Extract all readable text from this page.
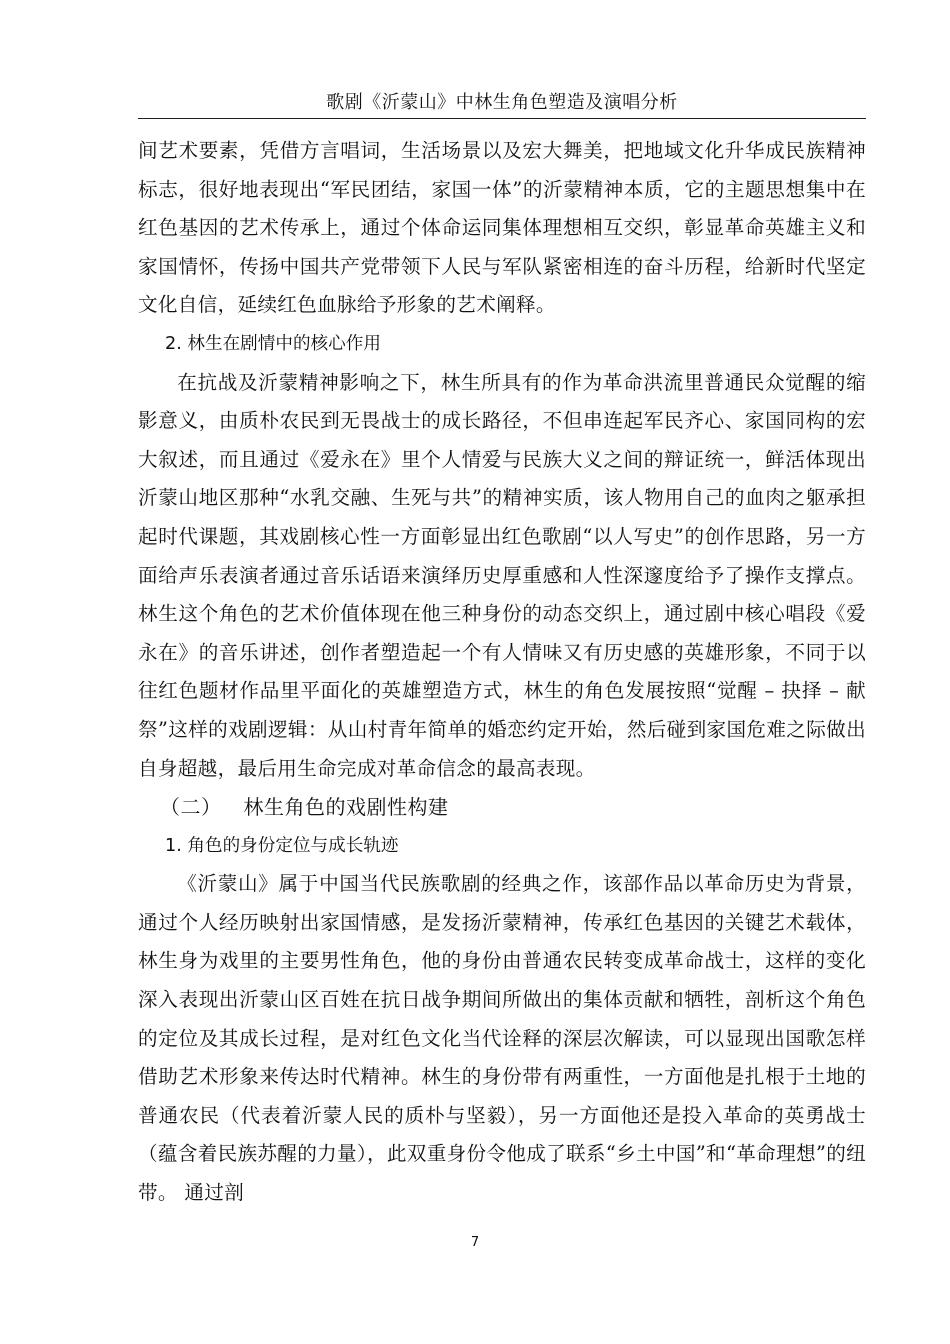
歌剧《沂蒙山》中林生角色塑造及演唱分析

间艺术要素，凭借方言唱词，生活场景以及宏大舞美，把地域文化升华成民族精神标志，很好地表现出“军民团结，家国一体”的沂蒙精神本质，它的主题思想集中在红色基因的艺术传承上，通过个体命运同集体理想相互交织，彰显革命英雄主义和家国情怀，传扬中国共产党带领下人民与军队紧密相连的奋斗历程，给新时代坚定文化自信，延续红色血脉给予形象的艺术阐释。

2. 林生在剧情中的核心作用

在抗战及沂蒙精神影响之下，林生所具有的作为革命洪流里普通民众觉醒的缩影意义，由质朴农民到无畏战士的成长路径，不但串连起军民齐心、家国同构的宏大叙述，而且通过《爱永在》里个人情爱与民族大义之间的辩证统一，鲜活体现出沂蒙山地区那种“水乳交融、生死与共”的精神实质，该人物用自己的血肉之躯承担起时代课题，其戏剧核心性一方面彰显出红色歌剧“以人写史”的创作思路，另一方面给声乐表演者通过音乐话语来演绎历史厚重感和人性深邃度给予了操作支撑点。林生这个角色的艺术价值体现在他三种身份的动态交织上，通过剧中核心唱段《爱永在》的音乐讲述，创作者塑造起一个有人情味又有历史感的英雄形象，不同于以往红色题材作品里平面化的英雄塑造方式，林生的角色发展按照“觉醒 – 抉择 – 献祭”这样的戏剧逻辑：从山村青年简单的婚恋约定开始，然后碰到家国危难之际做出自身超越，最后用生命完成对革命信念的最高表现。

（二） 林生角色的戏剧性构建

1. 角色的身份定位与成长轨迹

《沂蒙山》属于中国当代民族歌剧的经典之作，该部作品以革命历史为背景，通过个人经历映射出家国情感，是发扬沂蒙精神，传承红色基因的关键艺术载体，林生身为戏里的主要男性角色，他的身份由普通农民转变成革命战士，这样的变化深入表现出沂蒙山区百姓在抗日战争期间所做出的集体贡献和牺牲，剖析这个角色的定位及其成长过程，是对红色文化当代诠释的深层次解读，可以显现出国歌怎样借助艺术形象来传达时代精神。林生的身份带有两重性，一方面他是扎根于土地的普通农民（代表着沂蒙人民的质朴与坚毅），另一方面他还是投入革命的英勇战士（蕴含着民族苏醒的力量），此双重身份令他成了联系“乡土中国”和“革命理想”的纽带。 通过剖

7
